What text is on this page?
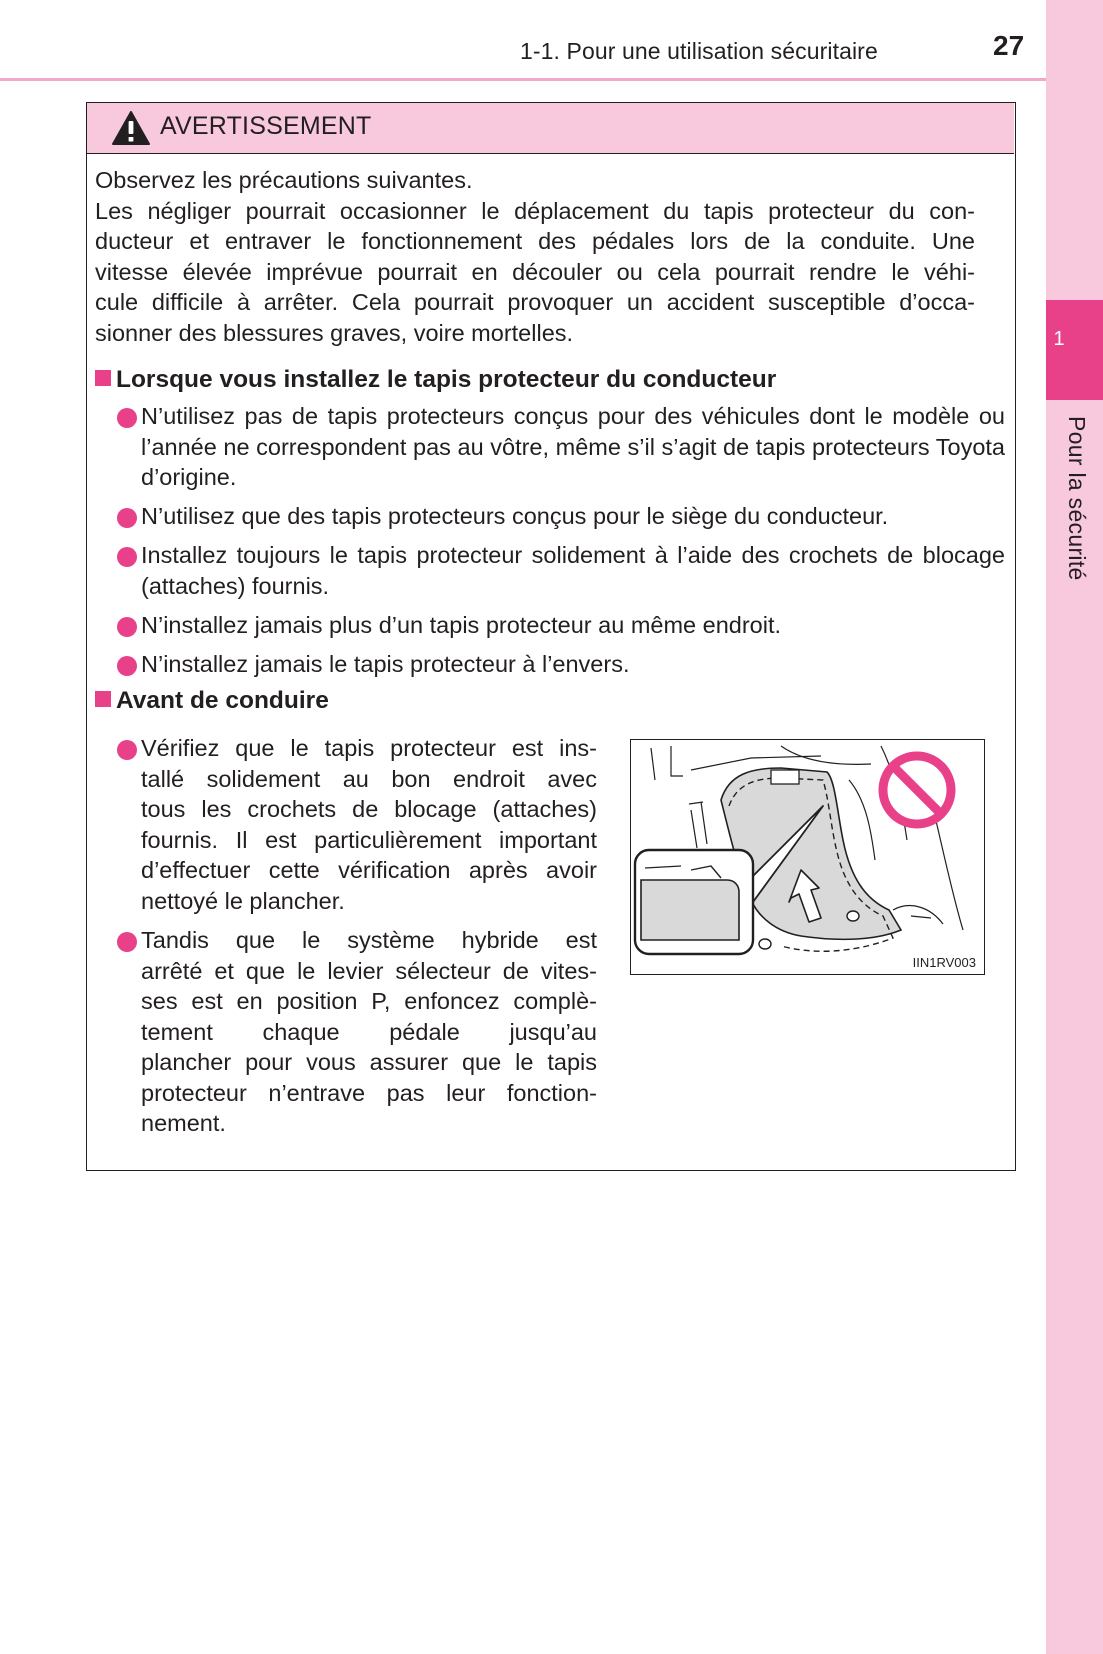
1-1. Pour une utilisation sécuritaire	27
1
Pour la sécurité
AVERTISSEMENT
Observez les précautions suivantes.
Les négliger pourrait occasionner le déplacement du tapis protecteur du con-
ducteur et entraver le fonctionnement des pédales lors de la conduite. Une
vitesse élevée imprévue pourrait en découler ou cela pourrait rendre le véhi-
cule difficile à arrêter. Cela pourrait provoquer un accident susceptible d’occa-
sionner des blessures graves, voire mortelles.
Lorsque vous installez le tapis protecteur du conducteur

N’utilisez pas de tapis protecteurs conçus pour des véhicules dont le modèle ou l’année ne correspondent pas au vôtre, même s’il s’agit de tapis protecteurs Toyota d’origine.

N’utilisez que des tapis protecteurs conçus pour le siège du conducteur.

Installez toujours le tapis protecteur solidement à l’aide des crochets de blocage (attaches) fournis.

N’installez jamais plus d’un tapis protecteur au même endroit.

N’installez jamais le tapis protecteur à l’envers.

Avant de conduire
Vérifiez que le tapis protecteur est ins-
tallé solidement au bon endroit avec
tous les crochets de blocage (attaches)
fournis. Il est particulièrement important
d’effectuer cette vérification après avoir
nettoyé le plancher.
Tandis que le système hybride est
arrêté et que le levier sélecteur de vites-
ses est en position P, enfoncez complè-
tement chaque pédale jusqu’au
plancher pour vous assurer que le tapis
protecteur n’entrave pas leur fonction-
nement.
IIN1RV003
